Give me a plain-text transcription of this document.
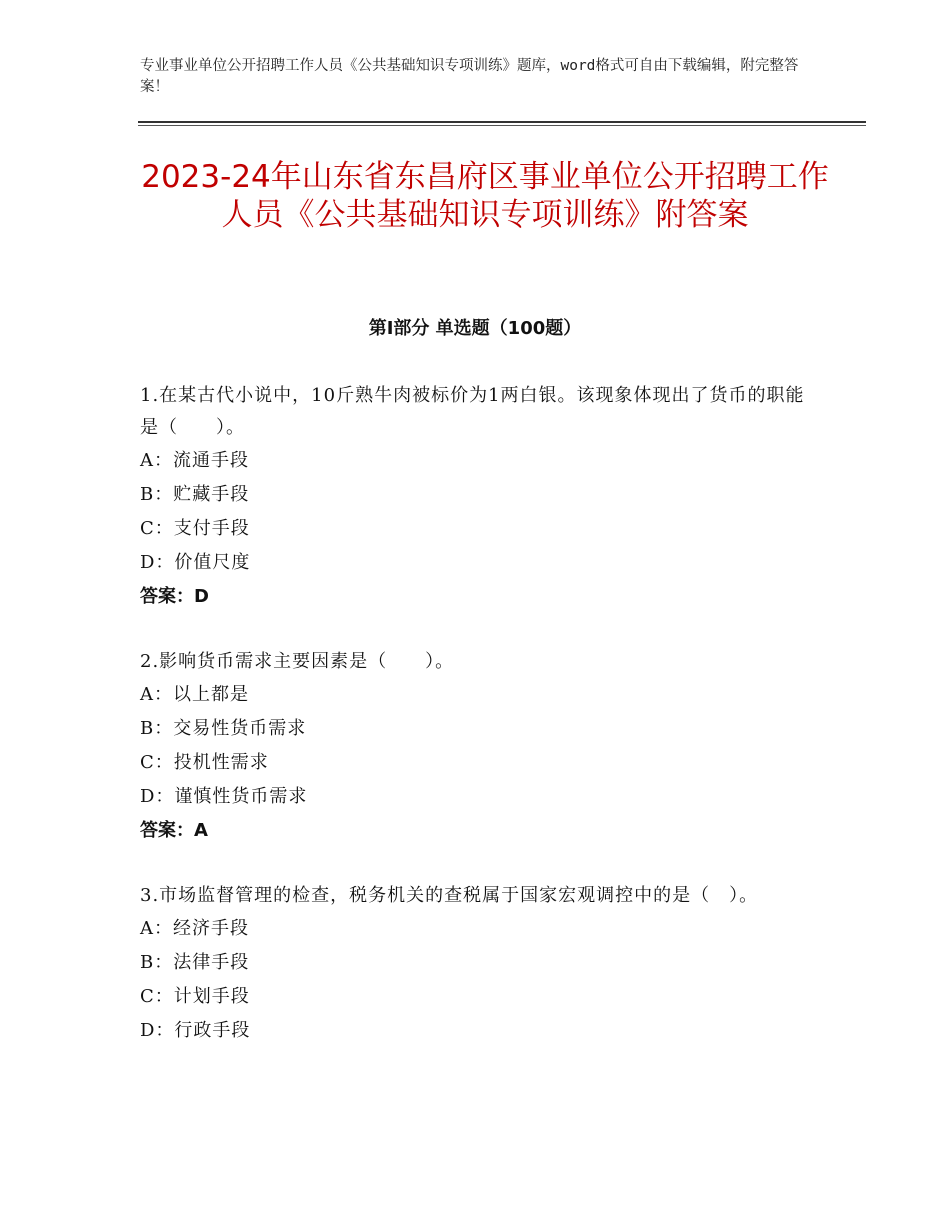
专业事业单位公开招聘工作人员《公共基础知识专项训练》题库，word格式可自由下载编辑，附完整答案！
2023-24年山东省东昌府区事业单位公开招聘工作人员《公共基础知识专项训练》附答案
第Ⅰ部分 单选题（100题）
1.在某古代小说中，10斤熟牛肉被标价为1两白银。该现象体现出了货币的职能是（　　）。
A：流通手段
B：贮藏手段
C：支付手段
D：价值尺度
答案：D
2.影响货币需求主要因素是（　　）。
A：以上都是
B：交易性货币需求
C：投机性需求
D：谨慎性货币需求
答案：A
3.市场监督管理的检查，税务机关的查税属于国家宏观调控中的是（　）。
A：经济手段
B：法律手段
C：计划手段
D：行政手段
